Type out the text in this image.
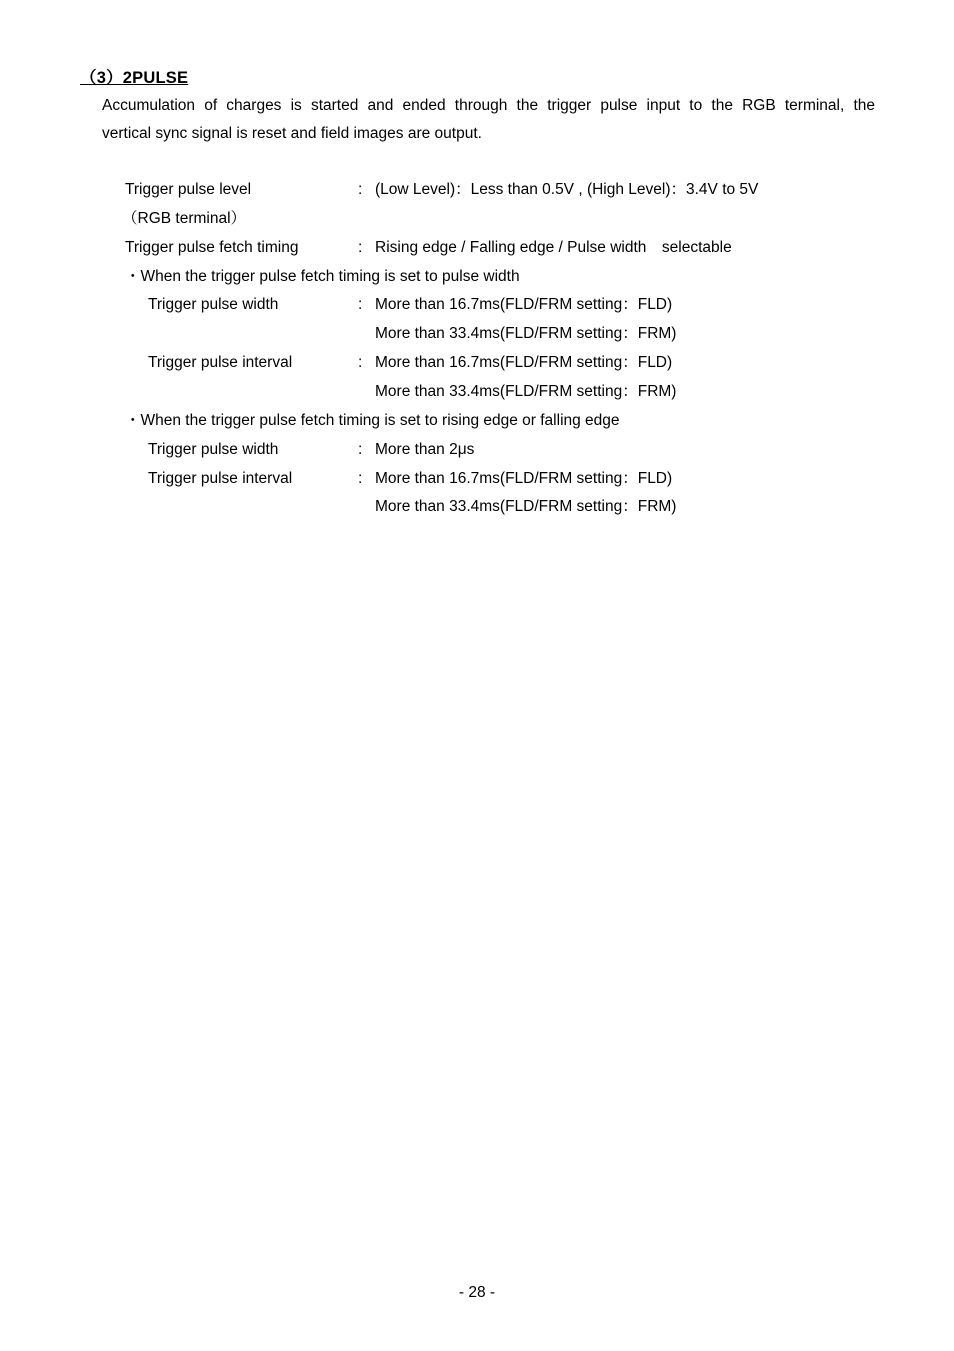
（3）2PULSE
Accumulation of charges is started and ended through the trigger pulse input to the RGB terminal, the
vertical sync signal is reset and field images are output.
Trigger pulse level	: (Low Level)：Less than 0.5V , (High Level)：3.4V to 5V
（RGB terminal）
Trigger pulse fetch timing	: Rising edge / Falling edge / Pulse width　selectable
・When the trigger pulse fetch timing is set to pulse width
Trigger pulse width	: More than 16.7ms(FLD/FRM setting：FLD)
More than 33.4ms(FLD/FRM setting：FRM)
Trigger pulse interval	: More than 16.7ms(FLD/FRM setting：FLD)
More than 33.4ms(FLD/FRM setting：FRM)
・When the trigger pulse fetch timing is set to rising edge or falling edge
Trigger pulse width	: More than 2μs
Trigger pulse interval	: More than 16.7ms(FLD/FRM setting：FLD)
More than 33.4ms(FLD/FRM setting：FRM)
- 28 -
